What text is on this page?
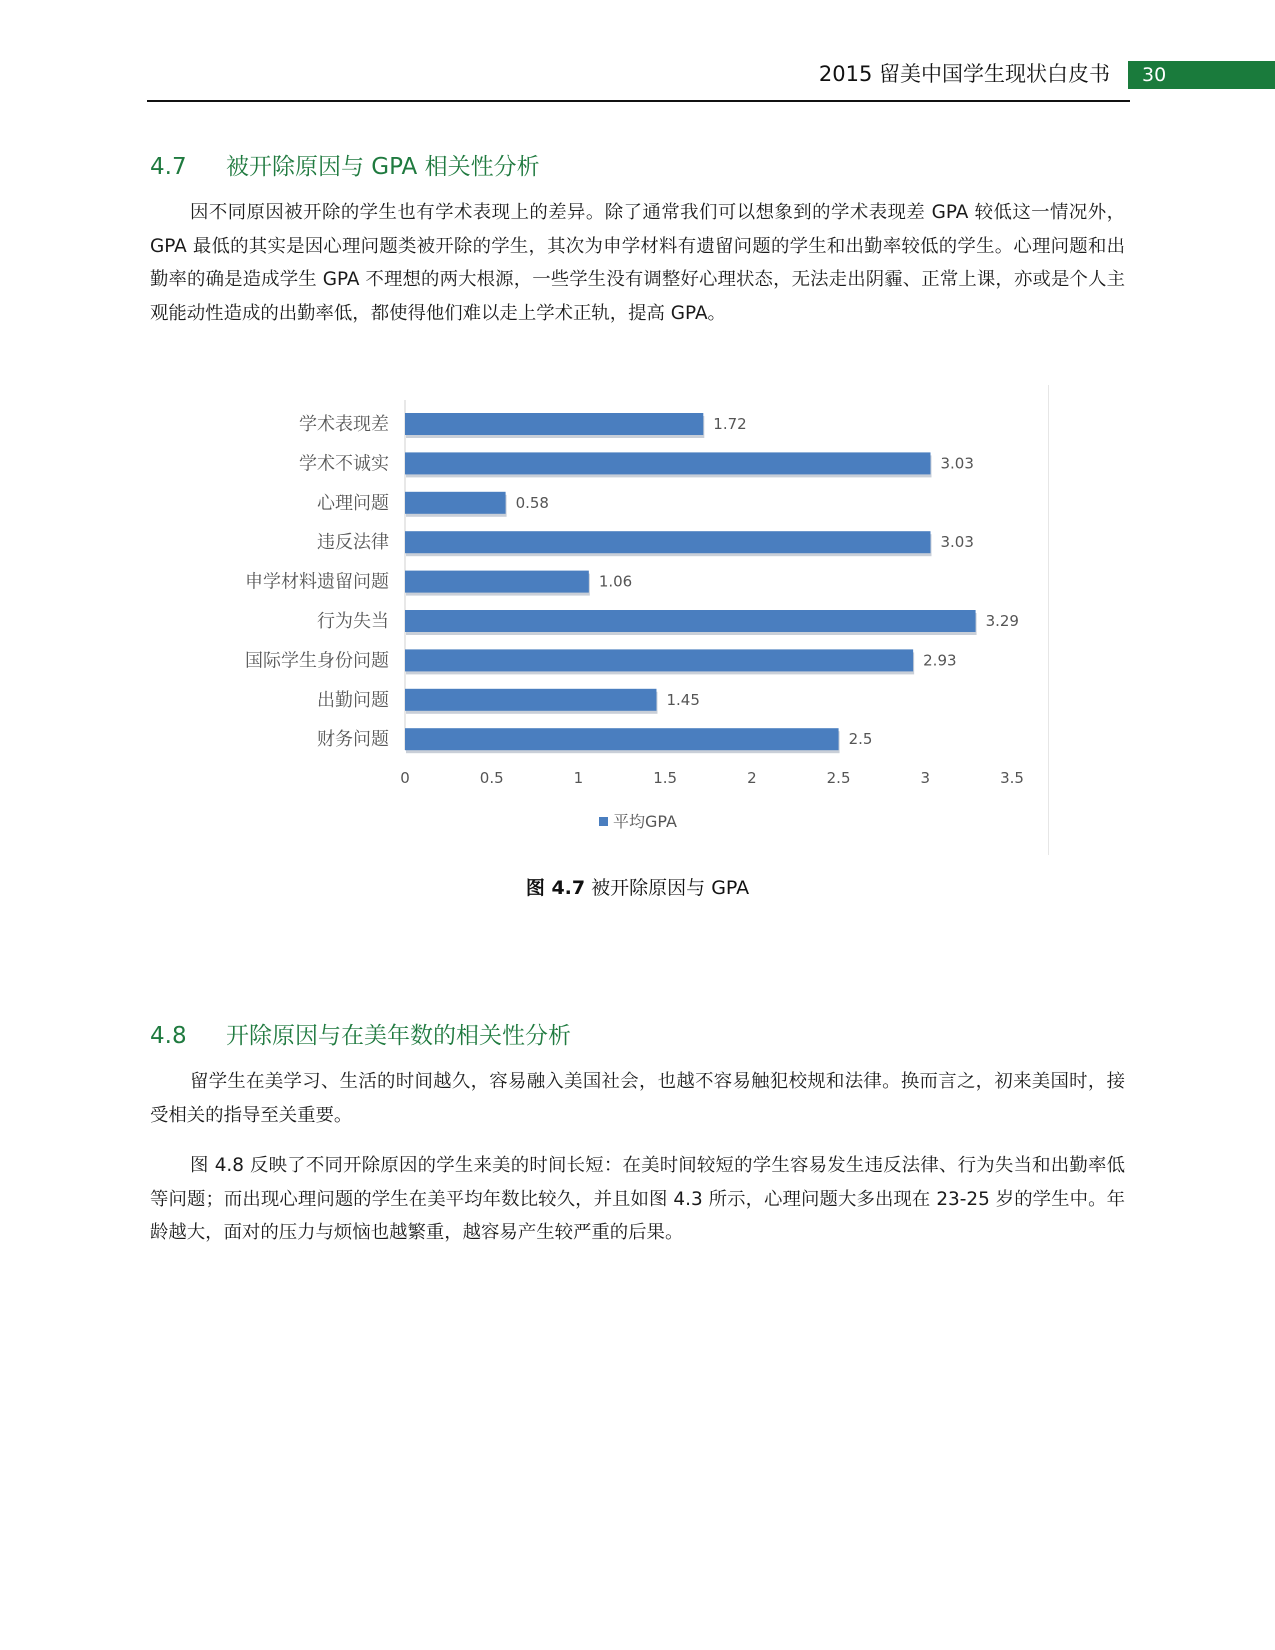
2015 留美中国学生现状白皮书	30
4.7 被开除原因与 GPA 相关性分析

因不同原因被开除的学生也有学术表现上的差异。除了通常我们可以想象到的学术表现差 GPA 较低这一情况外，GPA 最低的其实是因心理问题类被开除的学生，其次为申学材料有遗留问题的学生和出勤率较低的学生。心理问题和出勤率的确是造成学生 GPA 不理想的两大根源，一些学生没有调整好心理状态，无法走出阴霾、正常上课，亦或是个人主观能动性造成的出勤率低，都使得他们难以走上学术正轨，提高 GPA。

学术表现差	1.72
学术不诚实	3.03
心理问题	0.58
违反法律	3.03
申学材料遗留问题	1.06
行为失当	3.29
国际学生身份问题	2.93
出勤问题	1.45
财务问题	2.5
0	0.5	1	1.5	2	2.5	3	3.5
平均GPA
图 4.7 被开除原因与 GPA
4.8 开除原因与在美年数的相关性分析

留学生在美学习、生活的时间越久，容易融入美国社会，也越不容易触犯校规和法律。换而言之，初来美国时，接受相关的指导至关重要。

图 4.8 反映了不同开除原因的学生来美的时间长短：在美时间较短的学生容易发生违反法律、行为失当和出勤率低等问题；而出现心理问题的学生在美平均年数比较久，并且如图 4.3 所示，心理问题大多出现在 23-25 岁的学生中。年龄越大，面对的压力与烦恼也越繁重，越容易产生较严重的后果。
